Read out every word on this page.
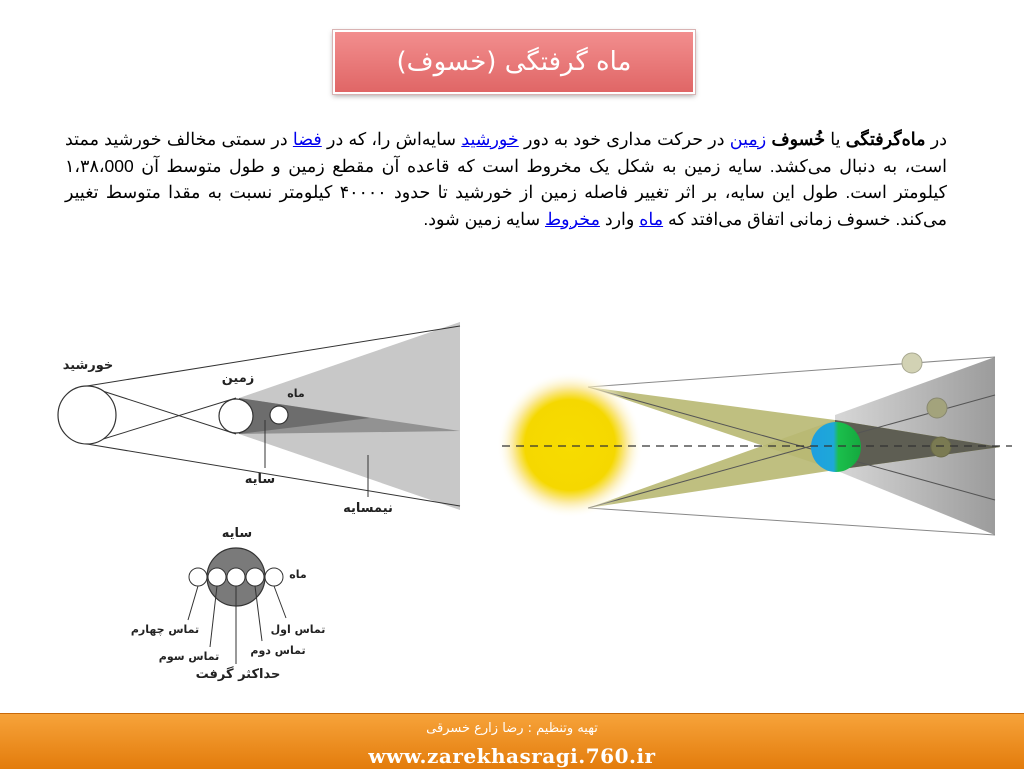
ماه گرفتگی (خسوف)
در ماه‌گرفتگی یا خُسوف زمین در حرکت مداری خود به دور خورشید سایه‌اش را، که در فضا در سمتی مخالف خورشید ممتد است، به دنبال می‌کشد. سایه زمین به شکل یک مخروط است که قاعده آن مقطع زمین و طول متوسط آن ۱،۳۸،000 کیلومتر است. طول این سایه، بر اثر تغییر فاصله زمین از خورشید تا حدود ۴۰۰۰۰ کیلومتر نسبت به مقدا متوسط تغییر می‌کند. خسوف زمانی اتفاق می‌افتد که ماه وارد مخروط سایه زمین شود.
خورشید
زمین
ماه
سایه
نیمسایه
سایه
ماه
تماس اول
تماس دوم
تماس سوم
تماس چهارم
حداکثر گرفت
تهیه وتنظیم : رضا زارع خسرقی
www.zarekhasragi.760.ir
